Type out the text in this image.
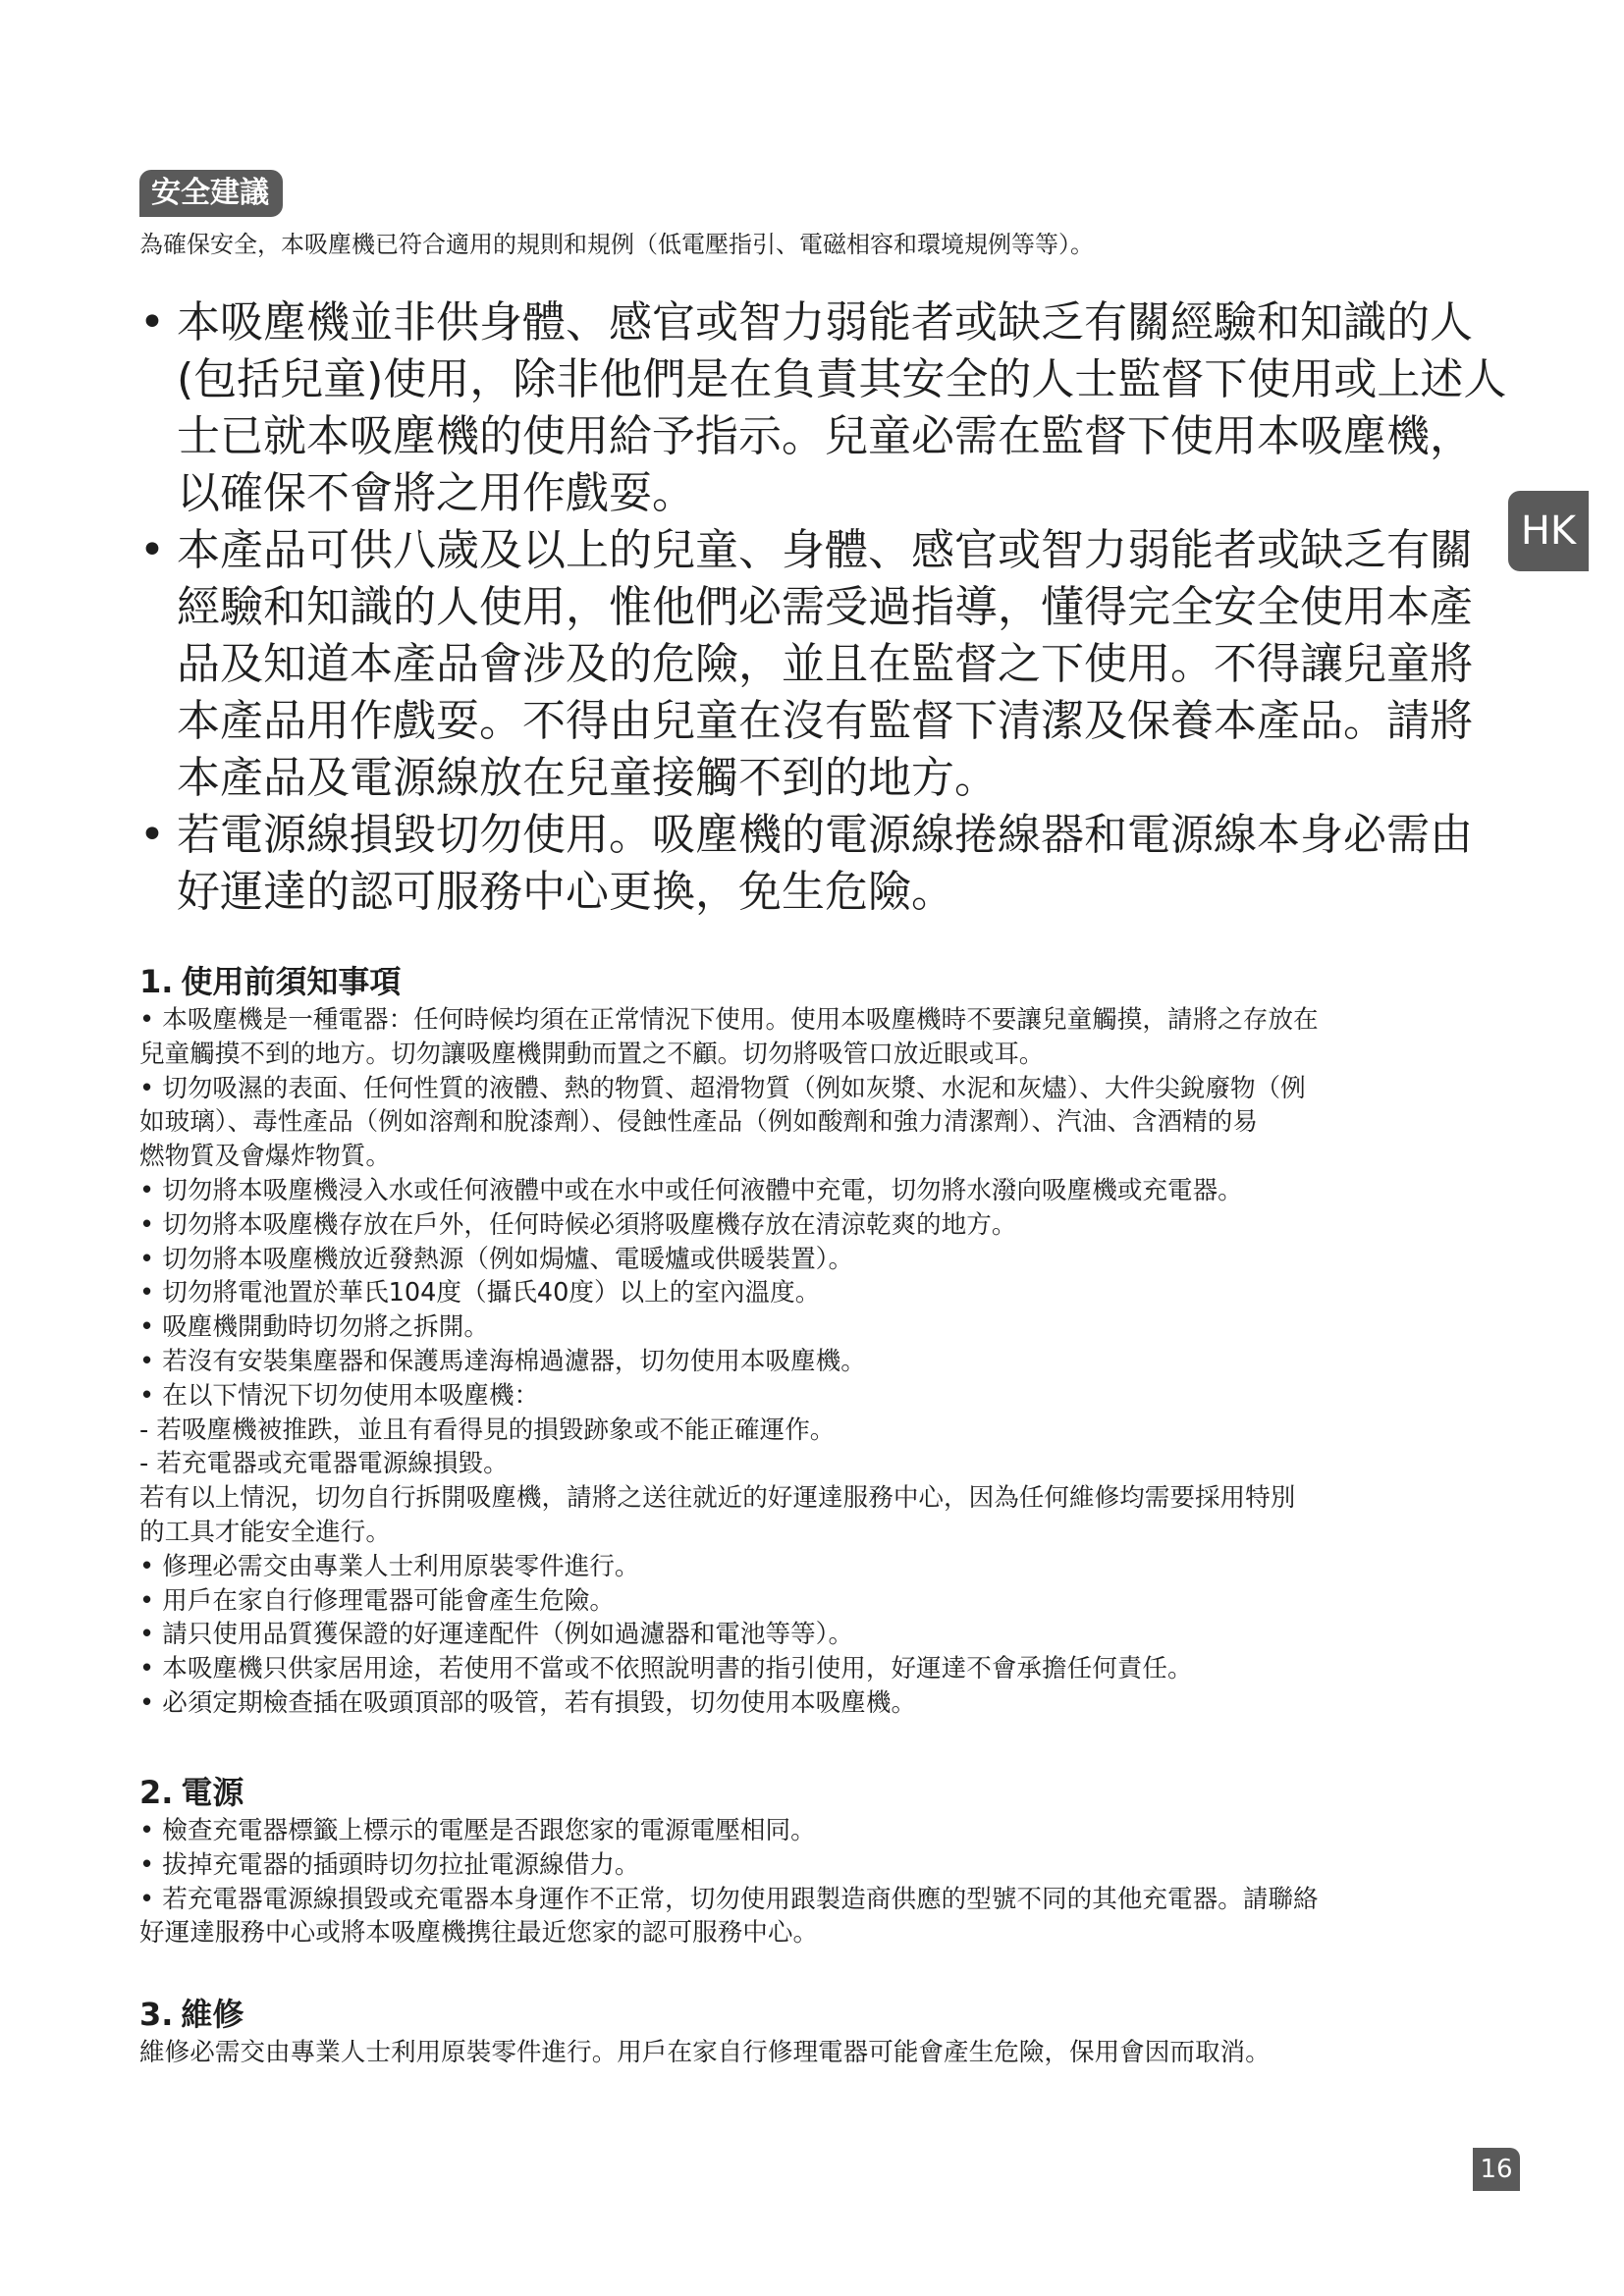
安全建議
為確保安全，本吸塵機已符合適用的規則和規例（低電壓指引、電磁相容和環境規例等等）。
• 本吸塵機並非供身體、感官或智力弱能者或缺乏有關經驗和知識的人(包括兒童)使用，除非他們是在負責其安全的人士監督下使用或上述人士已就本吸塵機的使用給予指示。兒童必需在監督下使用本吸塵機，以確保不會將之用作戲耍。
• 本產品可供八歲及以上的兒童、身體、感官或智力弱能者或缺乏有關經驗和知識的人使用，惟他們必需受過指導，懂得完全安全使用本產品及知道本產品會涉及的危險，並且在監督之下使用。不得讓兒童將本產品用作戲耍。不得由兒童在沒有監督下清潔及保養本產品。請將本產品及電源線放在兒童接觸不到的地方。
• 若電源線損毀切勿使用。吸塵機的電源線捲線器和電源線本身必需由好運達的認可服務中心更換，免生危險。
HK
1. 使用前須知事項
• 本吸塵機是一種電器：任何時候均須在正常情況下使用。使用本吸塵機時不要讓兒童觸摸，請將之存放在
兒童觸摸不到的地方。切勿讓吸塵機開動而置之不顧。切勿將吸管口放近眼或耳。
• 切勿吸濕的表面、任何性質的液體、熱的物質、超滑物質（例如灰漿、水泥和灰燼）、大件尖銳廢物（例
如玻璃）、毒性產品（例如溶劑和脫漆劑）、侵蝕性產品（例如酸劑和強力清潔劑）、汽油、含酒精的易
燃物質及會爆炸物質。
• 切勿將本吸塵機浸入水或任何液體中或在水中或任何液體中充電，切勿將水潑向吸塵機或充電器。
• 切勿將本吸塵機存放在戶外，任何時候必須將吸塵機存放在清涼乾爽的地方。
• 切勿將本吸塵機放近發熱源（例如焗爐、電暖爐或供暖裝置）。
• 切勿將電池置於華氏104度（攝氏40度）以上的室內溫度。
• 吸塵機開動時切勿將之拆開。
• 若沒有安裝集塵器和保護馬達海棉過濾器，切勿使用本吸塵機。
• 在以下情況下切勿使用本吸塵機：
- 若吸塵機被推跌，並且有看得見的損毀跡象或不能正確運作。
- 若充電器或充電器電源線損毀。
若有以上情況，切勿自行拆開吸塵機，請將之送往就近的好運達服務中心，因為任何維修均需要採用特別
的工具才能安全進行。
• 修理必需交由專業人士利用原裝零件進行。
• 用戶在家自行修理電器可能會產生危險。
• 請只使用品質獲保證的好運達配件（例如過濾器和電池等等）。
• 本吸塵機只供家居用途，若使用不當或不依照說明書的指引使用，好運達不會承擔任何責任。
• 必須定期檢查插在吸頭頂部的吸管，若有損毀，切勿使用本吸塵機。
2. 電源
• 檢查充電器標籤上標示的電壓是否跟您家的電源電壓相同。
• 拔掉充電器的插頭時切勿拉扯電源線借力。
• 若充電器電源線損毀或充電器本身運作不正常，切勿使用跟製造商供應的型號不同的其他充電器。請聯絡
好運達服務中心或將本吸塵機携往最近您家的認可服務中心。
3. 維修
維修必需交由專業人士利用原裝零件進行。用戶在家自行修理電器可能會產生危險，保用會因而取消。
16
